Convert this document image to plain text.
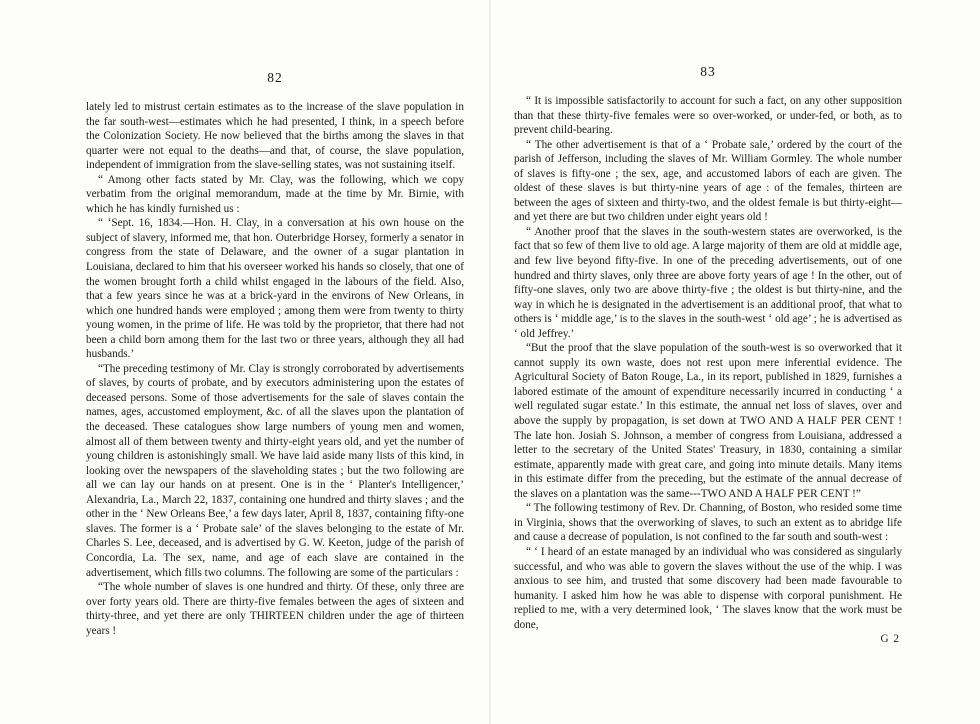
82

lately led to mistrust certain estimates as to the increase of the slave population in the far south-west—estimates which he had presented, I think, in a speech before the Colonization Society. He now believed that the births among the slaves in that quarter were not equal to the deaths—and that, of course, the slave population, independent of immigration from the slave-selling states, was not sustaining itself.

“ Among other facts stated by Mr. Clay, was the following, which we copy verbatim from the original memorandum, made at the time by Mr. Birnie, with which he has kindly furnished us :

“ ‘Sept. 16, 1834.—Hon. H. Clay, in a conversation at his own house on the subject of slavery, informed me, that hon. Outerbridge Horsey, formerly a senator in congress from the state of Delaware, and the owner of a sugar plantation in Louisiana, declared to him that his overseer worked his hands so closely, that one of the women brought forth a child whilst engaged in the labours of the field. Also, that a few years since he was at a brick-yard in the environs of New Orleans, in which one hundred hands were employed ; among them were from twenty to thirty young women, in the prime of life. He was told by the proprietor, that there had not been a child born among them for the last two or three years, although they all had husbands.’

“The preceding testimony of Mr. Clay is strongly corroborated by advertisements of slaves, by courts of probate, and by executors administering upon the estates of deceased persons. Some of those advertisements for the sale of slaves contain the names, ages, accustomed employment, &c. of all the slaves upon the plantation of the deceased. These catalogues show large numbers of young men and women, almost all of them between twenty and thirty-eight years old, and yet the number of young children is astonishingly small. We have laid aside many lists of this kind, in looking over the newspapers of the slaveholding states ; but the two following are all we can lay our hands on at present. One is in the ‘ Planter's Intelligencer,’ Alexandria, La., March 22, 1837, containing one hundred and thirty slaves ; and the other in the ‘ New Orleans Bee,’ a few days later, April 8, 1837, containing fifty-one slaves. The former is a ‘ Probate sale’ of the slaves belonging to the estate of Mr. Charles S. Lee, deceased, and is advertised by G. W. Keeton, judge of the parish of Concordia, La. The sex, name, and age of each slave are contained in the advertisement, which fills two columns. The following are some of the particulars :

“The whole number of slaves is one hundred and thirty. Of these, only three are over forty years old. There are thirty-five females between the ages of sixteen and thirty-three, and yet there are only THIRTEEN children under the age of thirteen years !

83

“ It is impossible satisfactorily to account for such a fact, on any other supposition than that these thirty-five females were so over-worked, or under-fed, or both, as to prevent child-bearing.

“ The other advertisement is that of a ‘ Probate sale,’ ordered by the court of the parish of Jefferson, including the slaves of Mr. William Gormley. The whole number of slaves is fifty-one ; the sex, age, and accustomed labors of each are given. The oldest of these slaves is but thirty-nine years of age : of the females, thirteen are between the ages of sixteen and thirty-two, and the oldest female is but thirty-eight—and yet there are but two children under eight years old !

“ Another proof that the slaves in the south-western states are overworked, is the fact that so few of them live to old age. A large majority of them are old at middle age, and few live beyond fifty-five. In one of the preceding advertisements, out of one hundred and thirty slaves, only three are above forty years of age ! In the other, out of fifty-one slaves, only two are above thirty-five ; the oldest is but thirty-nine, and the way in which he is designated in the advertisement is an additional proof, that what to others is ‘ middle age,’ is to the slaves in the south-west ‘ old age’ ; he is advertised as ‘ old Jeffrey.’

“But the proof that the slave population of the south-west is so overworked that it cannot supply its own waste, does not rest upon mere inferential evidence. The Agricultural Society of Baton Rouge, La., in its report, published in 1829, furnishes a labored estimate of the amount of expenditure necessarily incurred in conducting ‘ a well regulated sugar estate.’ In this estimate, the annual net loss of slaves, over and above the supply by propagation, is set down at TWO AND A HALF PER CENT ! The late hon. Josiah S. Johnson, a member of congress from Louisiana, addressed a letter to the secretary of the United States' Treasury, in 1830, containing a similar estimate, apparently made with great care, and going into minute details. Many items in this estimate differ from the preceding, but the estimate of the annual decrease of the slaves on a plantation was the same---TWO AND A HALF PER CENT !”

“ The following testimony of Rev. Dr. Channing, of Boston, who resided some time in Virginia, shows that the overworking of slaves, to such an extent as to abridge life and cause a decrease of population, is not confined to the far south and south-west :

“ ‘ I heard of an estate managed by an individual who was considered as singularly successful, and who was able to govern the slaves without the use of the whip. I was anxious to see him, and trusted that some discovery had been made favourable to humanity. I asked him how he was able to dispense with corporal punishment. He replied to me, with a very determined look, ‘ The slaves know that the work must be done,

G 2
